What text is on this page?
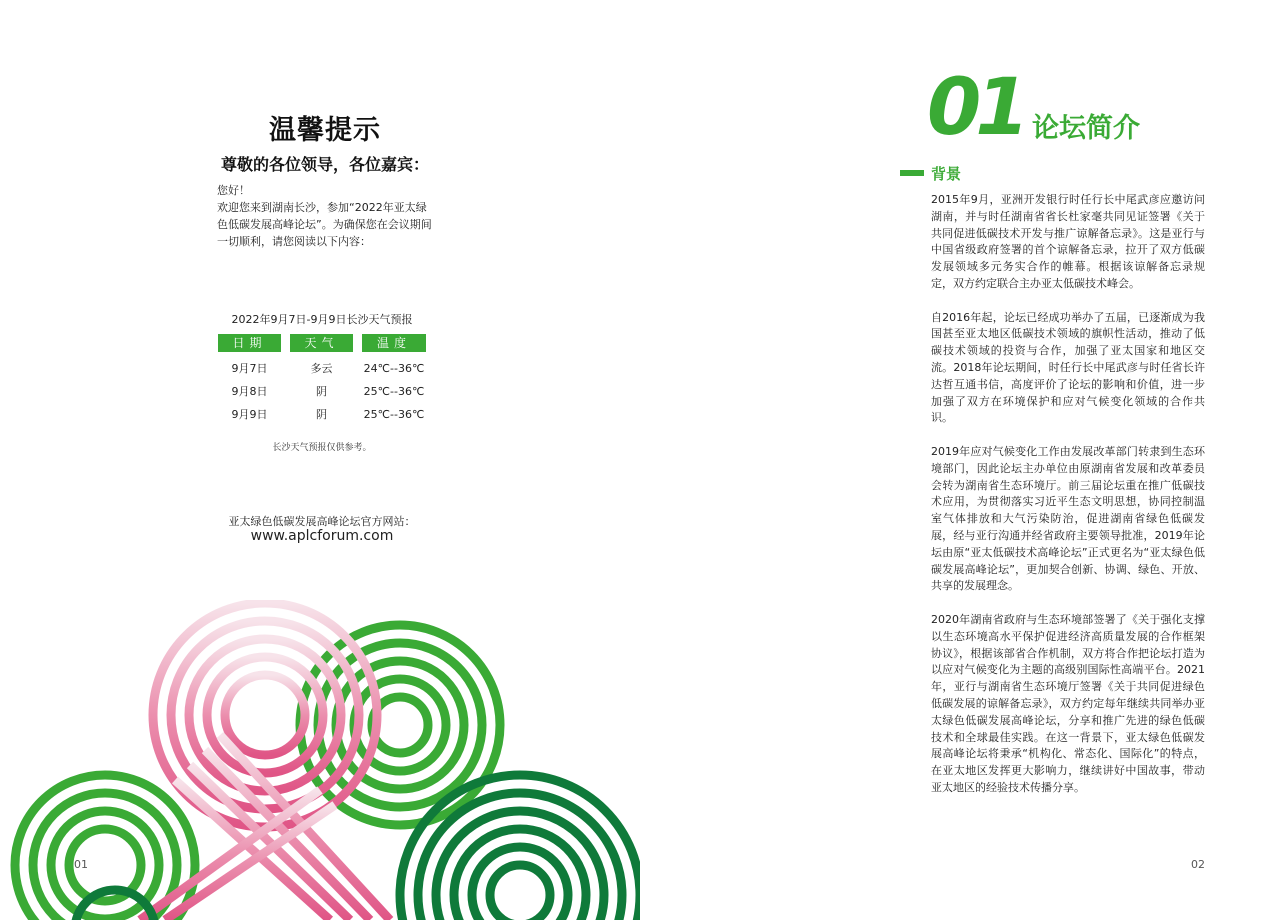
温馨提示
尊敬的各位领导，各位嘉宾：

您好！

欢迎您来到湖南长沙，参加“2022年亚太绿色低碳发展高峰论坛”。为确保您在会议期间一切顺利，请您阅读以下内容：

2022年9月7日-9月9日长沙天气预报
日期	天气	温度
9月7日	多云	24℃--36℃
9月8日	阴	25℃--36℃
9月9日	阴	25℃--36℃
长沙天气预报仅供参考。
亚太绿色低碳发展高峰论坛官方网站：
www.aplcforum.com
01
01 论坛简介
背景

2015年9月，亚洲开发银行时任行长中尾武彦应邀访问湖南，并与时任湖南省省长杜家毫共同见证签署《关于共同促进低碳技术开发与推广谅解备忘录》。这是亚行与中国省级政府签署的首个谅解备忘录，拉开了双方低碳发展领域多元务实合作的帷幕。根据该谅解备忘录规定，双方约定联合主办亚太低碳技术峰会。

自2016年起，论坛已经成功举办了五届，已逐渐成为我国甚至亚太地区低碳技术领域的旗帜性活动，推动了低碳技术领域的投资与合作，加强了亚太国家和地区交流。2018年论坛期间，时任行长中尾武彦与时任省长许达哲互通书信，高度评价了论坛的影响和价值，进一步加强了双方在环境保护和应对气候变化领域的合作共识。

2019年应对气候变化工作由发展改革部门转隶到生态环境部门，因此论坛主办单位由原湖南省发展和改革委员会转为湖南省生态环境厅。前三届论坛重在推广低碳技术应用，为贯彻落实习近平生态文明思想，协同控制温室气体排放和大气污染防治，促进湖南省绿色低碳发展，经与亚行沟通并经省政府主要领导批准，2019年论坛由原“亚太低碳技术高峰论坛”正式更名为“亚太绿色低碳发展高峰论坛”，更加契合创新、协调、绿色、开放、共享的发展理念。

2020年湖南省政府与生态环境部签署了《关于强化支撑以生态环境高水平保护促进经济高质量发展的合作框架协议》，根据该部省合作机制，双方将合作把论坛打造为以应对气候变化为主题的高级别国际性高端平台。2021年，亚行与湖南省生态环境厅签署《关于共同促进绿色低碳发展的谅解备忘录》，双方约定每年继续共同举办亚太绿色低碳发展高峰论坛，分享和推广先进的绿色低碳技术和全球最佳实践。在这一背景下，亚太绿色低碳发展高峰论坛将秉承“机构化、常态化、国际化”的特点，在亚太地区发挥更大影响力，继续讲好中国故事，带动亚太地区的经验技术传播分享。

02
